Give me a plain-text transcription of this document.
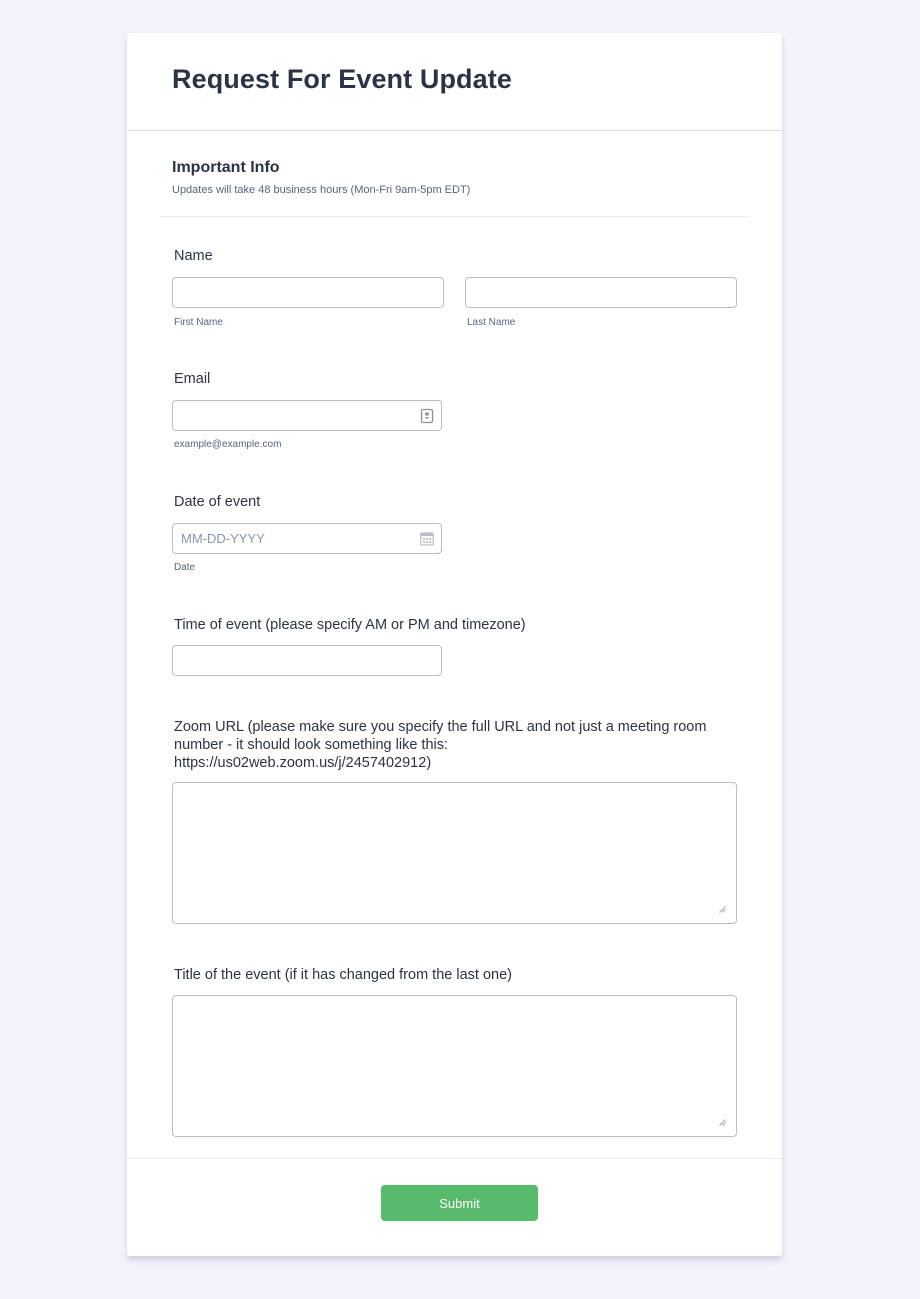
Request For Event Update
Important Info
Updates will take 48 business hours (Mon-Fri 9am-5pm EDT)
Name
First Name	Last Name
Email
example@example.com
Date of event
MM-DD-YYYY
Date
Time of event (please specify AM or PM and timezone)
Zoom URL (please make sure you specify the full URL and not just a meeting room
number - it should look something like this:
https://us02web.zoom.us/j/2457402912)
Title of the event (if it has changed from the last one)
Submit
